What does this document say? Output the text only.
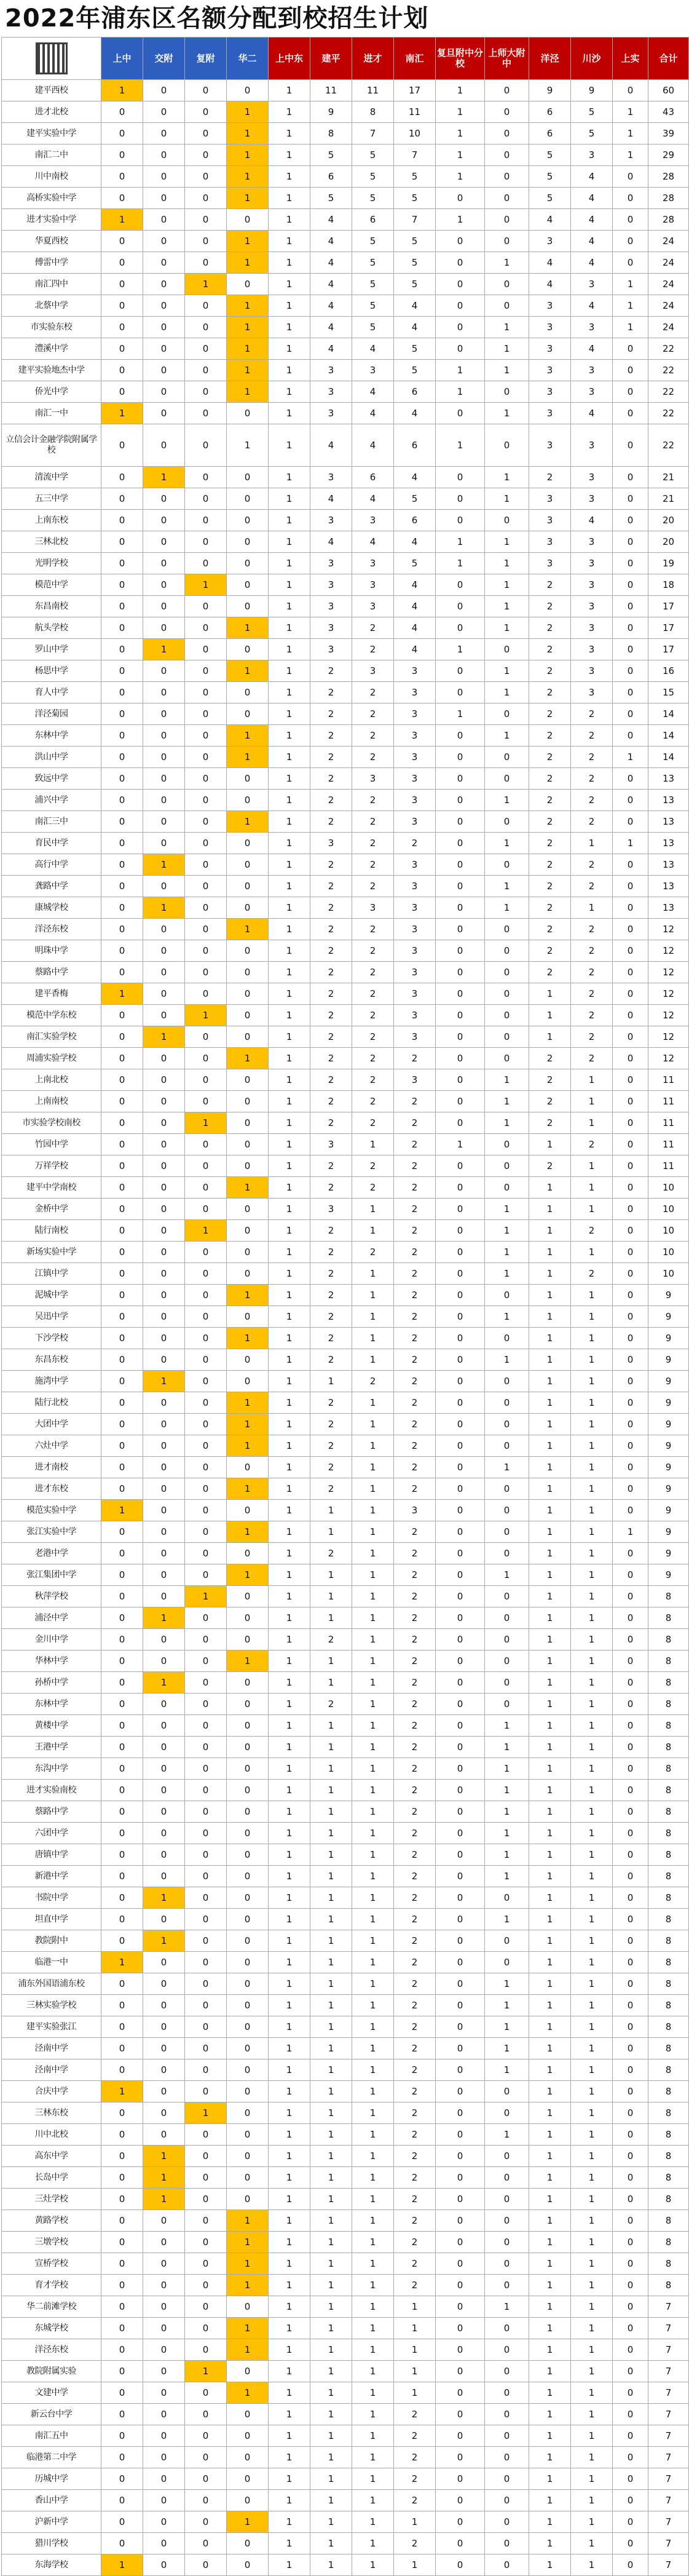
2022年浦东区名额分配到校招生计划
	上中	交附	复附	华二	上中东	建平	进才	南汇	复旦附中分校	上师大附中	洋泾	川沙	上实	合计
建平西校	1	0	0	0	1	11	11	17	1	0	9	9	0	60
进才北校	0	0	0	1	1	9	8	11	1	0	6	5	1	43
建平实验中学	0	0	0	1	1	8	7	10	1	0	6	5	1	39
南汇二中	0	0	0	1	1	5	5	7	1	0	5	3	1	29
川中南校	0	0	0	1	1	6	5	5	1	0	5	4	0	28
高桥实验中学	0	0	0	1	1	5	5	5	0	0	5	4	0	28
进才实验中学	1	0	0	0	1	4	6	7	1	0	4	4	0	28
华夏西校	0	0	0	1	1	4	5	5	0	0	3	4	0	24
傅雷中学	0	0	0	1	1	4	5	5	0	1	4	4	0	24
南汇四中	0	0	1	0	1	4	5	5	0	0	4	3	1	24
北蔡中学	0	0	0	1	1	4	5	4	0	0	3	4	1	24
市实验东校	0	0	0	1	1	4	5	4	0	1	3	3	1	24
澧溪中学	0	0	0	1	1	4	4	5	0	1	3	4	0	22
建平实验地杰中学	0	0	0	1	1	3	3	5	1	1	3	3	0	22
侨光中学	0	0	0	1	1	3	4	6	1	0	3	3	0	22
南汇一中	1	0	0	0	1	3	4	4	0	1	3	4	0	22
立信会计金融学院附属学校	0	0	0	1	1	4	4	6	1	0	3	3	0	22
清流中学	0	1	0	0	1	3	6	4	0	1	2	3	0	21
五三中学	0	0	0	0	1	4	4	5	0	1	3	3	0	21
上南东校	0	0	0	0	1	3	3	6	0	0	3	4	0	20
三林北校	0	0	0	0	1	4	4	4	1	1	3	3	0	20
光明学校	0	0	0	0	1	3	3	5	1	1	3	3	0	19
模范中学	0	0	1	0	1	3	3	4	0	1	2	3	0	18
东昌南校	0	0	0	0	1	3	3	4	0	1	2	3	0	17
航头学校	0	0	0	1	1	3	2	4	0	1	2	3	0	17
罗山中学	0	1	0	0	1	3	2	4	1	0	2	3	0	17
杨思中学	0	0	0	1	1	2	3	3	0	1	2	3	0	16
育人中学	0	0	0	0	1	2	2	3	0	1	2	3	0	15
洋泾菊园	0	0	0	0	1	2	2	3	1	0	2	2	0	14
东林中学	0	0	0	1	1	2	2	3	0	1	2	2	0	14
洪山中学	0	0	0	1	1	2	2	3	0	0	2	2	1	14
致远中学	0	0	0	0	1	2	3	3	0	0	2	2	0	13
浦兴中学	0	0	0	0	1	2	2	3	0	1	2	2	0	13
南汇三中	0	0	0	1	1	2	2	3	0	0	2	2	0	13
育民中学	0	0	0	0	1	3	2	2	0	1	2	1	1	13
高行中学	0	1	0	0	1	2	2	3	0	0	2	2	0	13
龚路中学	0	0	0	0	1	2	2	3	0	1	2	2	0	13
康城学校	0	1	0	0	1	2	3	3	0	1	2	1	0	13
洋泾东校	0	0	0	1	1	2	2	3	0	0	2	2	0	12
明珠中学	0	0	0	0	1	2	2	3	0	0	2	2	0	12
蔡路中学	0	0	0	0	1	2	2	3	0	0	2	2	0	12
建平香梅	1	0	0	0	1	2	2	3	0	0	1	2	0	12
模范中学东校	0	0	1	0	1	2	2	3	0	0	1	2	0	12
南汇实验学校	0	1	0	0	1	2	2	3	0	0	1	2	0	12
周浦实验学校	0	0	0	1	1	2	2	2	0	0	2	2	0	12
上南北校	0	0	0	0	1	2	2	3	0	1	2	1	0	11
上南南校	0	0	0	0	1	2	2	2	0	1	2	1	0	11
市实验学校南校	0	0	1	0	1	2	2	2	0	1	2	1	0	11
竹园中学	0	0	0	0	1	3	1	2	1	0	1	2	0	11
万祥学校	0	0	0	0	1	2	2	2	0	0	2	1	0	11
建平中学南校	0	0	0	1	1	2	2	2	0	0	1	1	0	10
金桥中学	0	0	0	0	1	3	1	2	0	1	1	1	0	10
陆行南校	0	0	1	0	1	2	1	2	0	1	1	2	0	10
新场实验中学	0	0	0	0	1	2	2	2	0	1	1	1	0	10
江镇中学	0	0	0	0	1	2	1	2	0	1	1	2	0	10
泥城中学	0	0	0	1	1	2	1	2	0	0	1	1	0	9
吴迅中学	0	0	0	0	1	2	1	2	0	1	1	1	0	9
下沙学校	0	0	0	1	1	2	1	2	0	0	1	1	0	9
东昌东校	0	0	0	0	1	2	1	2	0	1	1	1	0	9
施湾中学	0	1	0	0	1	1	2	2	0	0	1	1	0	9
陆行北校	0	0	0	1	1	2	1	2	0	0	1	1	0	9
大团中学	0	0	0	1	1	2	1	2	0	0	1	1	0	9
六灶中学	0	0	0	1	1	2	1	2	0	0	1	1	0	9
进才南校	0	0	0	0	1	2	1	2	0	1	1	1	0	9
进才东校	0	0	0	1	1	2	1	2	0	0	1	1	0	9
模范实验中学	1	0	0	0	1	1	1	3	0	0	1	1	0	9
张江实验中学	0	0	0	1	1	1	1	2	0	0	1	1	1	9
老港中学	0	0	0	0	1	2	1	2	0	0	1	1	0	9
张江集团中学	0	0	0	1	1	1	1	2	0	1	1	1	0	9
秋萍学校	0	0	1	0	1	1	1	2	0	0	1	1	0	8
浦泾中学	0	1	0	0	1	1	1	2	0	0	1	1	0	8
金川中学	0	0	0	0	1	2	1	2	0	0	1	1	0	8
华林中学	0	0	0	1	1	1	1	2	0	0	1	1	0	8
孙桥中学	0	1	0	0	1	1	1	2	0	0	1	1	0	8
东林中学	0	0	0	0	1	2	1	2	0	0	1	1	0	8
黄楼中学	0	0	0	0	1	1	1	2	0	1	1	1	0	8
王港中学	0	0	0	0	1	1	1	2	0	1	1	1	0	8
东沟中学	0	0	0	0	1	1	1	2	0	1	1	1	0	8
进才实验南校	0	0	0	0	1	1	1	2	0	1	1	1	0	8
蔡路中学	0	0	0	0	1	1	1	2	0	1	1	1	0	8
六团中学	0	0	0	0	1	1	1	2	0	1	1	1	0	8
唐镇中学	0	0	0	0	1	1	1	2	0	1	1	1	0	8
新港中学	0	0	0	0	1	1	1	2	0	1	1	1	0	8
书院中学	0	1	0	0	1	1	1	2	0	0	1	1	0	8
坦直中学	0	0	0	0	1	1	1	2	0	1	1	1	0	8
教院附中	0	1	0	0	1	1	1	2	0	0	1	1	0	8
临港一中	1	0	0	0	1	1	1	2	0	0	1	1	0	8
浦东外国语浦东校	0	0	0	0	1	1	1	2	0	1	1	1	0	8
三林实验学校	0	0	0	0	1	1	1	2	0	1	1	1	0	8
建平实验张江	0	0	0	0	1	1	1	2	0	1	1	1	0	8
泾南中学	0	0	0	0	1	1	1	2	0	1	1	1	0	8
泾南中学	0	0	0	0	1	1	1	2	0	1	1	1	0	8
合庆中学	1	0	0	0	1	1	1	2	0	0	1	1	0	8
三林东校	0	0	1	0	1	1	1	2	0	0	1	1	0	8
川中北校	0	0	0	0	1	1	1	2	0	1	1	1	0	8
高东中学	0	1	0	0	1	1	1	2	0	0	1	1	0	8
长岛中学	0	1	0	0	1	1	1	2	0	0	1	1	0	8
三灶学校	0	1	0	0	1	1	1	2	0	0	1	1	0	8
黄路学校	0	0	0	1	1	1	1	2	0	0	1	1	0	8
三墩学校	0	0	0	1	1	1	1	2	0	0	1	1	0	8
宣桥学校	0	0	0	1	1	1	1	2	0	0	1	1	0	8
育才学校	0	0	0	1	1	1	1	2	0	0	1	1	0	8
华二前滩学校	0	0	0	0	1	1	1	1	0	1	1	1	0	7
东城学校	0	0	0	1	1	1	1	1	0	0	1	1	0	7
洋泾东校	0	0	0	1	1	1	1	1	0	0	1	1	0	7
教院附属实验	0	0	1	0	1	1	1	1	0	0	1	1	0	7
文建中学	0	0	0	1	1	1	1	1	0	0	1	1	0	7
新云台中学	0	0	0	0	1	1	1	2	0	0	1	1	0	7
南汇五中	0	0	0	0	1	1	1	2	0	0	1	1	0	7
临港第二中学	0	0	0	0	1	1	1	2	0	0	1	1	0	7
历城中学	0	0	0	0	1	1	1	2	0	0	1	1	0	7
香山中学	0	0	0	0	1	1	1	2	0	0	1	1	0	7
沪新中学	0	0	0	1	1	1	1	1	0	0	1	1	0	7
猎川学校	0	0	0	0	1	1	1	2	0	0	1	1	0	7
东海学校	1	0	0	0	1	1	1	1	0	0	1	1	0	7
